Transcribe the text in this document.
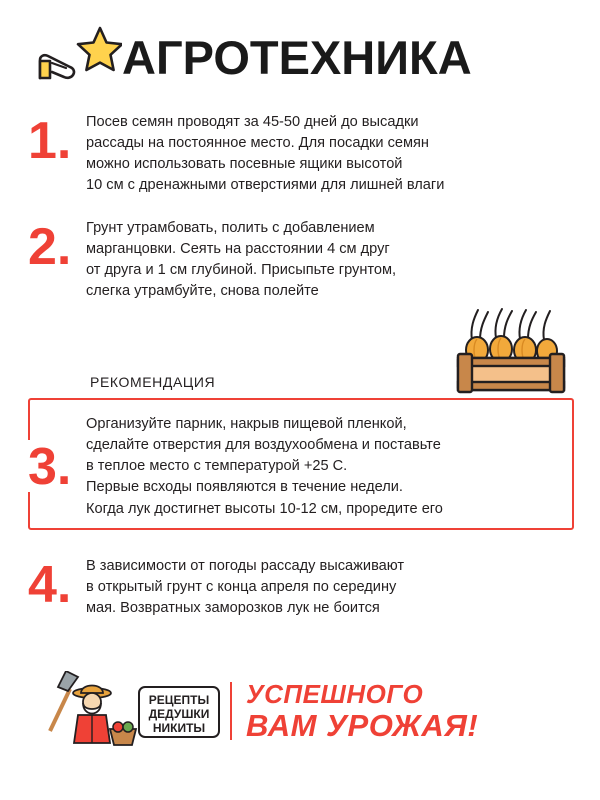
АГРОТЕХНИКА
1.	Посев семян проводят за 45-50 дней до высадки

рассады на постоянное место. Для посадки семян

можно использовать посевные ящики высотой

10 см с дренажными отверстиями для лишней влаги

2.	Грунт утрамбовать, полить с добавлением

марганцовки. Сеять на расстоянии 4 см друг

от друга и 1 см глубиной. Присыпьте грунтом,

слегка утрамбуйте, снова полейте

РЕКОМЕНДАЦИЯ
3.

Организуйте парник, накрыв пищевой пленкой,

сделайте отверстия для воздухообмена и поставьте

в теплое место с температурой +25 С.

Первые всходы появляются в течение недели.

Когда лук достигнет высоты 10-12 см, проредите его

4.	В зависимости от погоды рассаду высаживают

в открытый грунт с конца апреля по середину

мая. Возвратных заморозков лук не боится

РЕЦЕПТЫ
ДЕДУШКИ
НИКИТЫ
УСПЕШНОГО
ВАМ УРОЖАЯ!
